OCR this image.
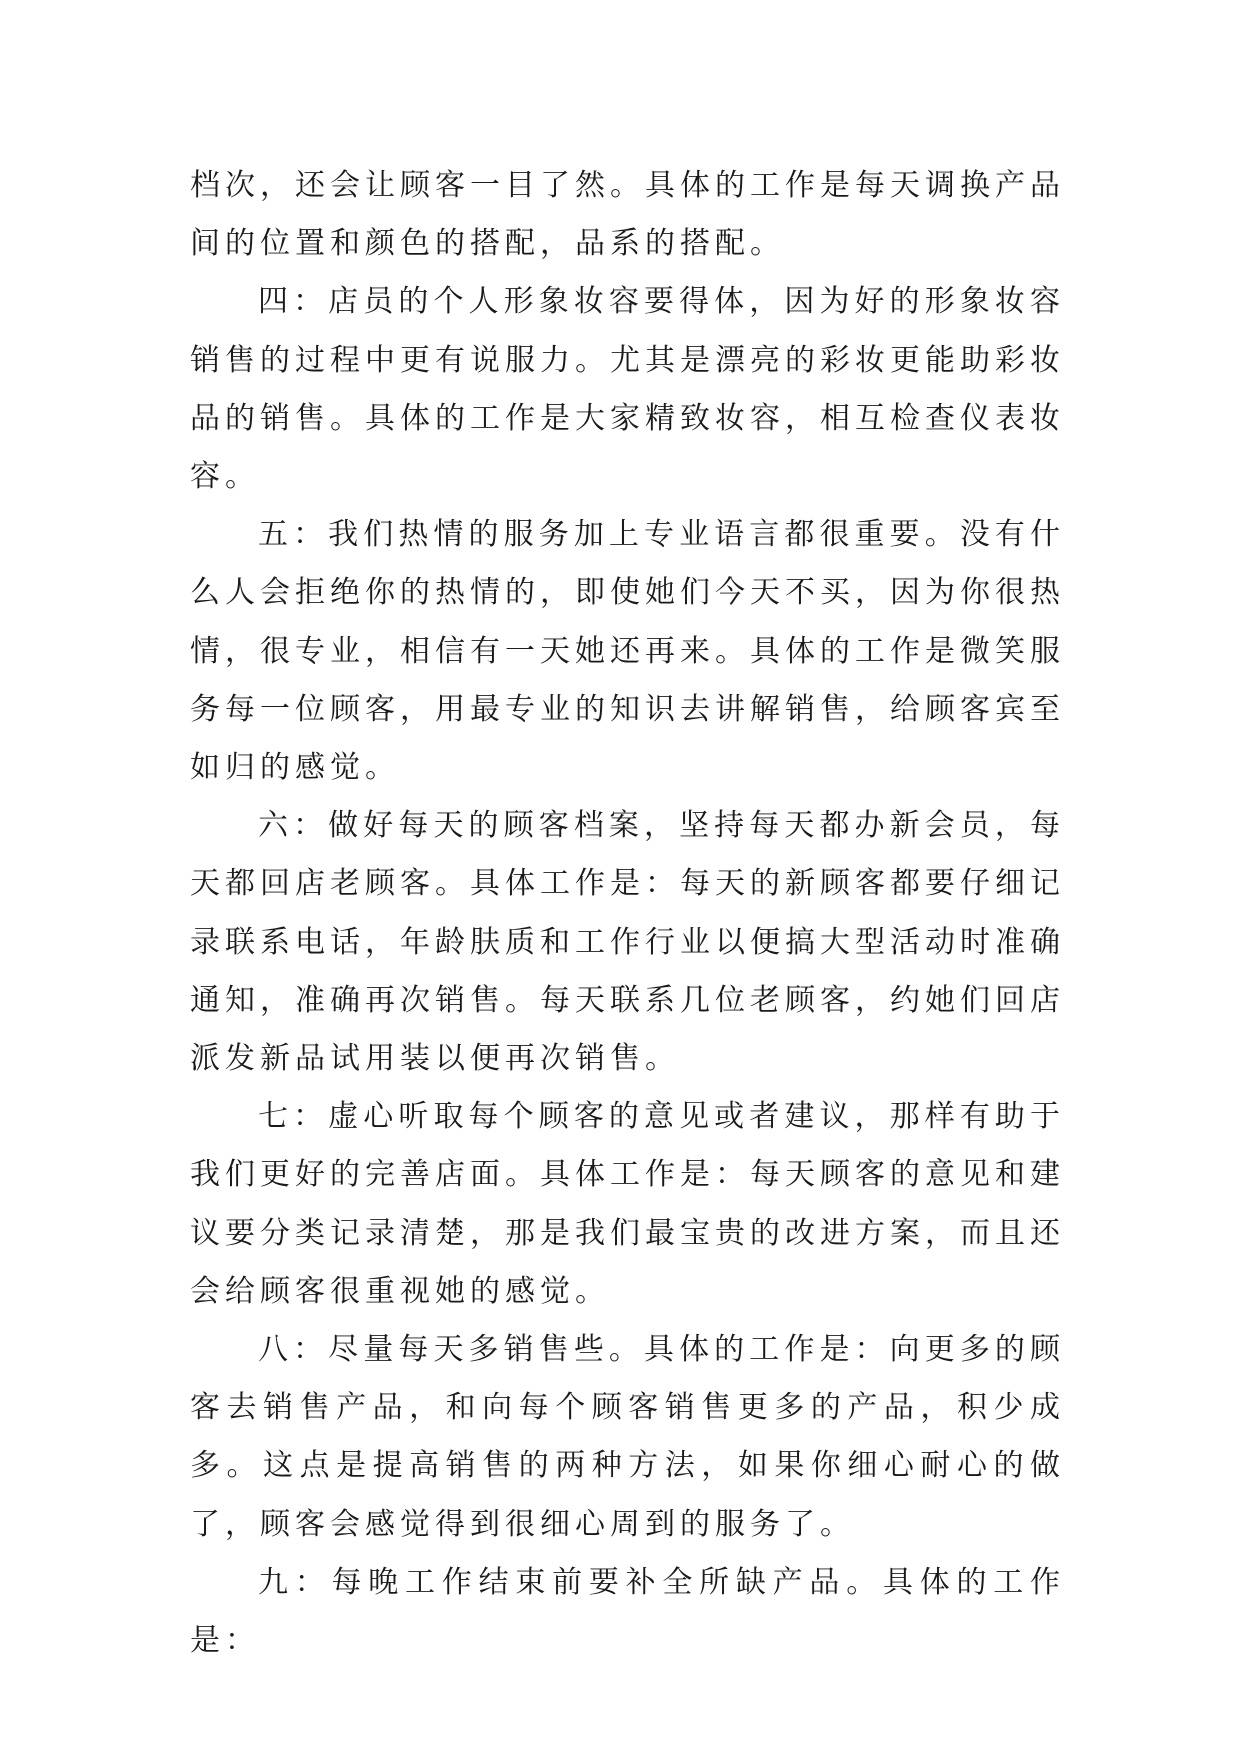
档次，还会让顾客一目了然。具体的工作是每天调换产品间的位置和颜色的搭配，品系的搭配。

四：店员的个人形象妆容要得体，因为好的形象妆容销售的过程中更有说服力。尤其是漂亮的彩妆更能助彩妆品的销售。具体的工作是大家精致妆容，相互检查仪表妆容。

五：我们热情的服务加上专业语言都很重要。没有什么人会拒绝你的热情的，即使她们今天不买，因为你很热情，很专业，相信有一天她还再来。具体的工作是微笑服务每一位顾客，用最专业的知识去讲解销售，给顾客宾至如归的感觉。

六：做好每天的顾客档案，坚持每天都办新会员，每天都回店老顾客。具体工作是：每天的新顾客都要仔细记录联系电话，年龄肤质和工作行业以便搞大型活动时准确通知，准确再次销售。每天联系几位老顾客，约她们回店派发新品试用装以便再次销售。

七：虚心听取每个顾客的意见或者建议，那样有助于我们更好的完善店面。具体工作是：每天顾客的意见和建议要分类记录清楚，那是我们最宝贵的改进方案，而且还会给顾客很重视她的感觉。

八：尽量每天多销售些。具体的工作是：向更多的顾客去销售产品，和向每个顾客销售更多的产品，积少成多。这点是提高销售的两种方法，如果你细心耐心的做了，顾客会感觉得到很细心周到的服务了。

九：每晚工作结束前要补全所缺产品。具体的工作是：
